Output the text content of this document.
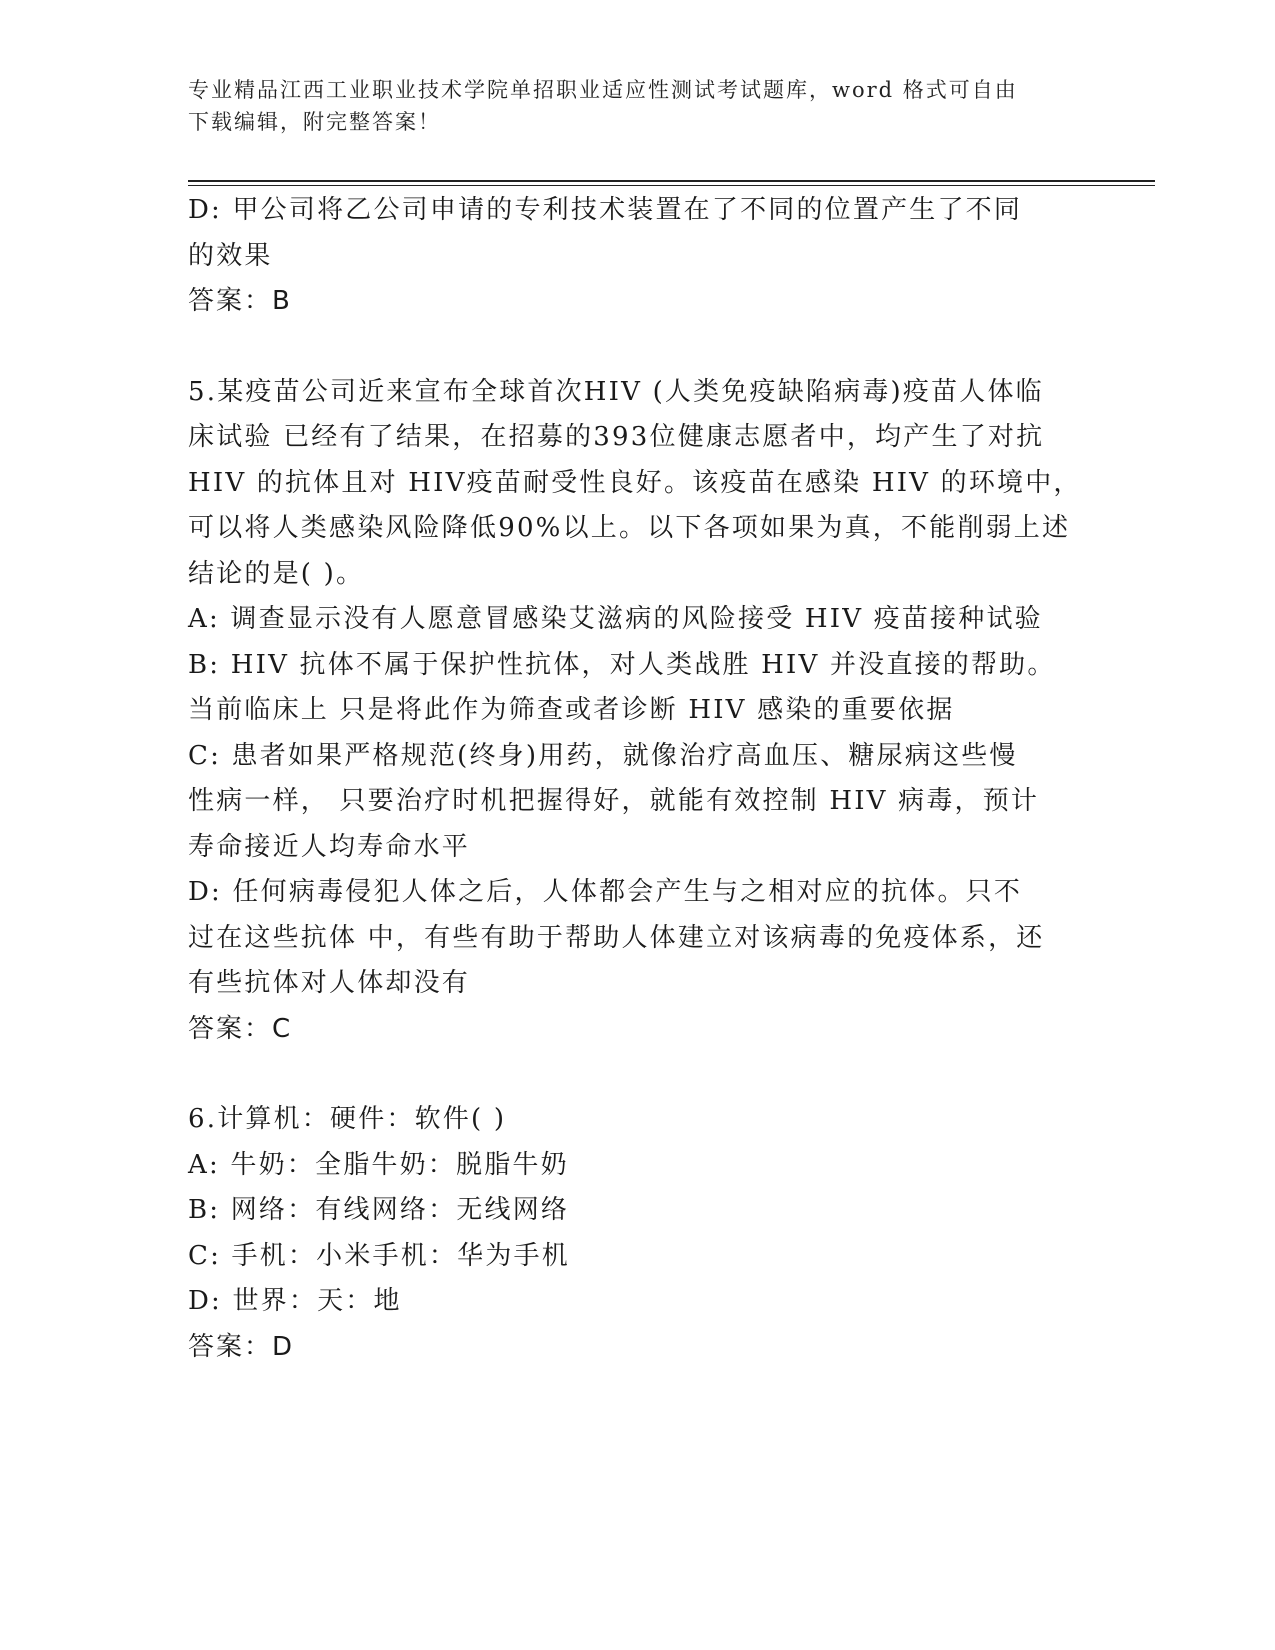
专业精品江西工业职业技术学院单招职业适应性测试考试题库，word 格式可自由
下载编辑，附完整答案！
D: 甲公司将乙公司申请的专利技术装置在了不同的位置产生了不同
的效果
答案：B
5.某疫苗公司近来宣布全球首次HIV (人类免疫缺陷病毒)疫苗人体临
床试验 已经有了结果，在招募的393位健康志愿者中，均产生了对抗
HIV 的抗体且对 HIV疫苗耐受性良好。该疫苗在感染 HIV 的环境中，
可以将人类感染风险降低90%以上。以下各项如果为真，不能削弱上述
结论的是( )。
A: 调查显示没有人愿意冒感染艾滋病的风险接受 HIV 疫苗接种试验
B: HIV 抗体不属于保护性抗体，对人类战胜 HIV 并没直接的帮助。
当前临床上 只是将此作为筛查或者诊断 HIV 感染的重要依据
C: 患者如果严格规范(终身)用药，就像治疗高血压、糖尿病这些慢
性病一样， 只要治疗时机把握得好，就能有效控制 HIV 病毒，预计
寿命接近人均寿命水平
D: 任何病毒侵犯人体之后，人体都会产生与之相对应的抗体。只不
过在这些抗体 中，有些有助于帮助人体建立对该病毒的免疫体系，还
有些抗体对人体却没有
答案：C
6.计算机：硬件：软件( )
A: 牛奶：全脂牛奶：脱脂牛奶
B: 网络：有线网络：无线网络
C: 手机：小米手机：华为手机
D: 世界：天：地
答案：D
